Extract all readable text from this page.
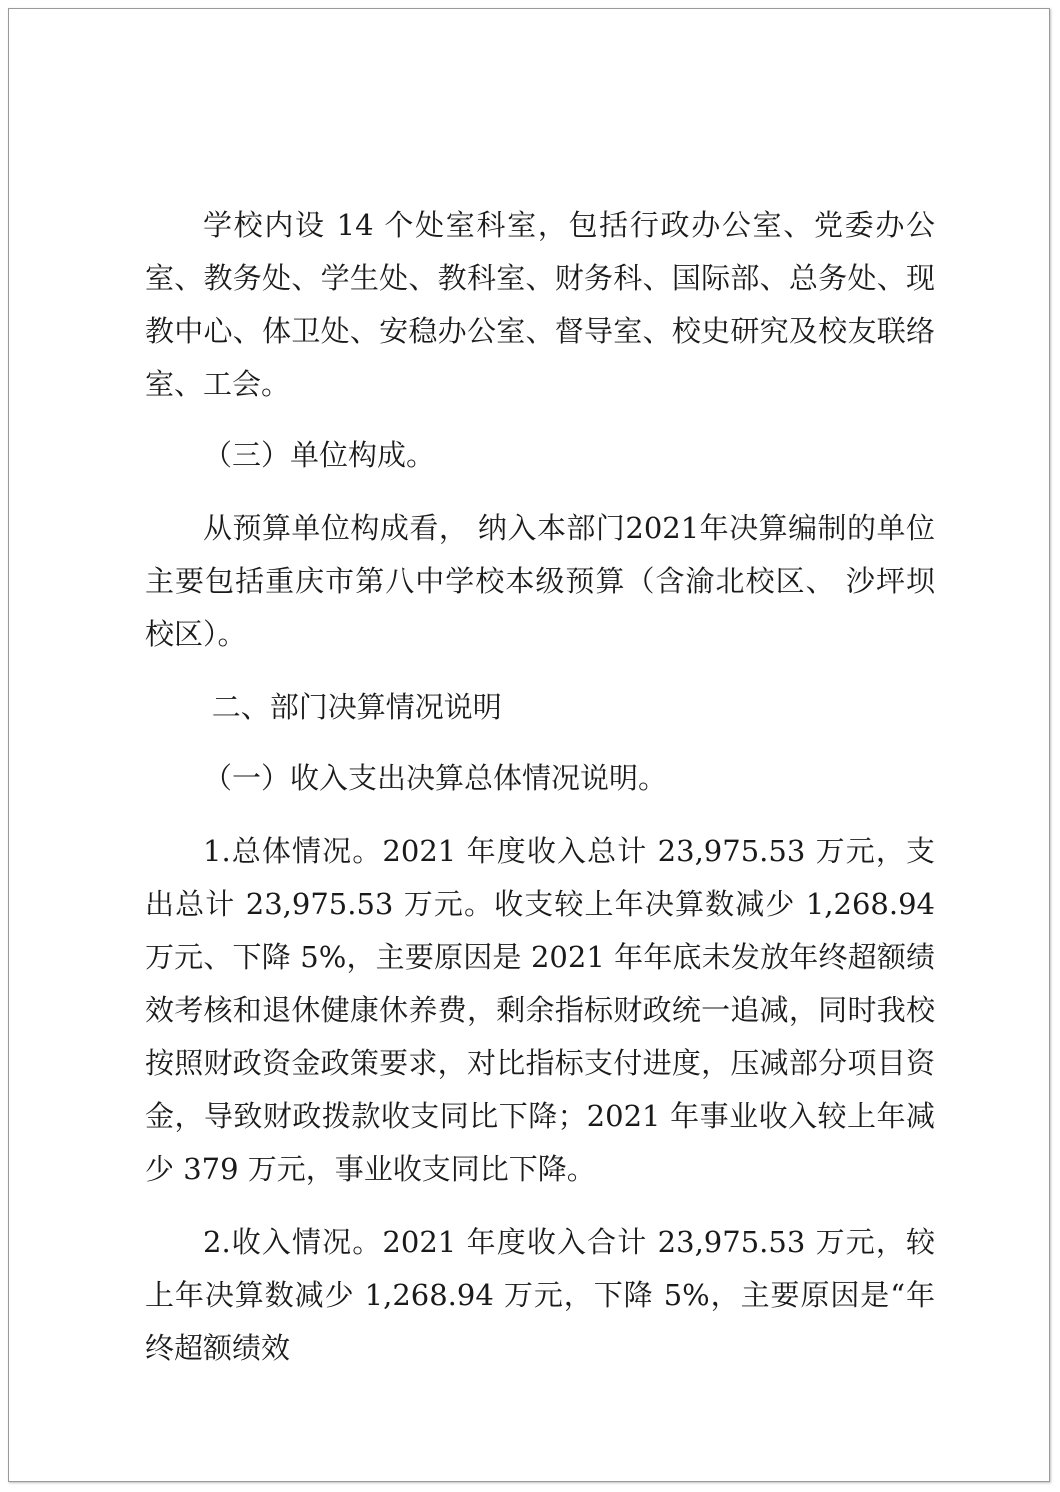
学校内设 14 个处室科室，包括行政办公室、党委办公室、教务处、学生处、教科室、财务科、国际部、总务处、现教中心、体卫处、安稳办公室、督导室、校史研究及校友联络室、工会。

（三）单位构成。

从预算单位构成看， 纳入本部门2021年决算编制的单位主要包括重庆市第八中学校本级预算（含渝北校区、 沙坪坝校区）。

二、部门决算情况说明

（一）收入支出决算总体情况说明。

1.总体情况。2021 年度收入总计 23,975.53 万元，支出总计 23,975.53 万元。收支较上年决算数减少 1,268.94 万元、下降 5%，主要原因是 2021 年年底未发放年终超额绩效考核和退休健康休养费，剩余指标财政统一追减，同时我校按照财政资金政策要求，对比指标支付进度，压减部分项目资金，导致财政拨款收支同比下降；2021 年事业收入较上年减少 379 万元，事业收支同比下降。

2.收入情况。2021 年度收入合计 23,975.53 万元，较上年决算数减少 1,268.94 万元，下降 5%，主要原因是“年终超额绩效
